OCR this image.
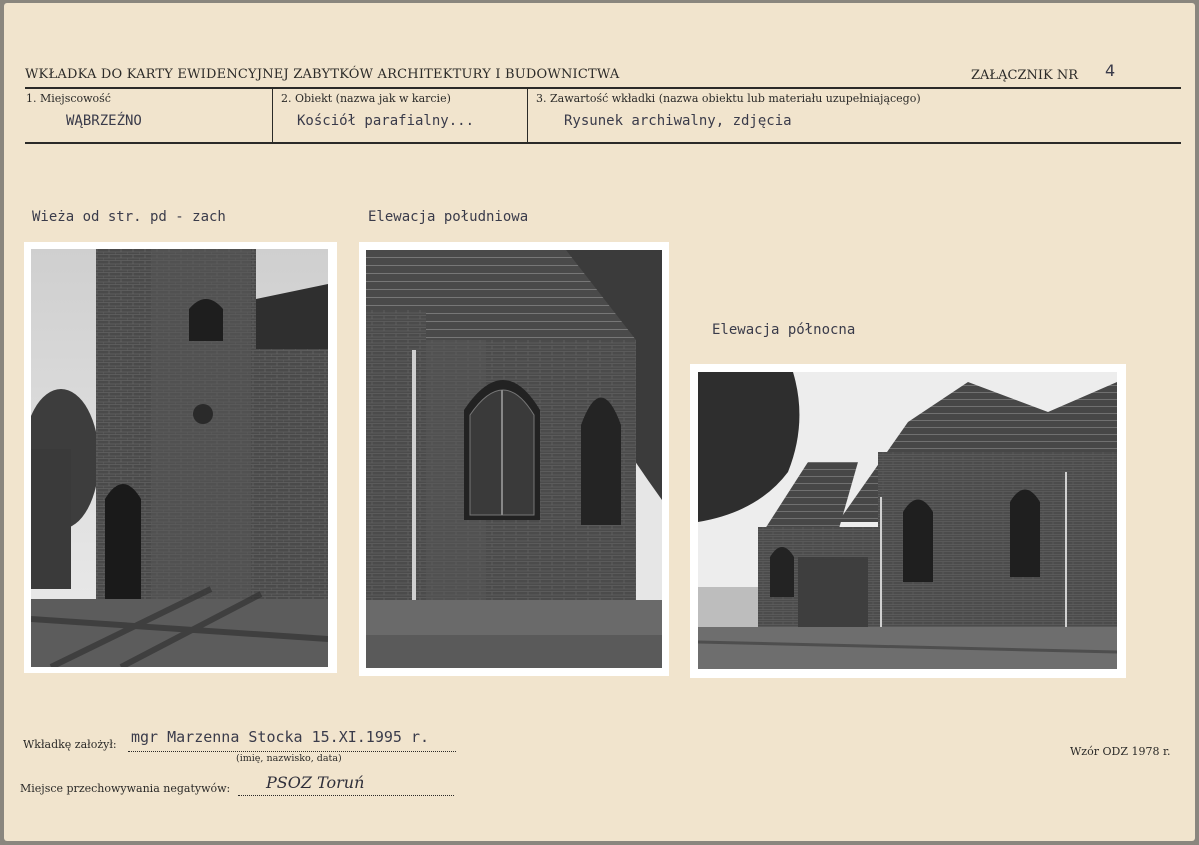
WKŁADKA DO KARTY EWIDENCYJNEJ ZABYTKÓW ARCHITEKTURY I BUDOWNICTWA	ZAŁĄCZNIK NR 4
1. Miejscowość
WĄBRZEŹNO
2. Obiekt (nazwa jak w karcie)
Kościół parafialny...
3. Zawartość wkładki (nazwa obiektu lub materiału uzupełniającego)
Rysunek archiwalny, zdjęcia
Wieża od str. pd - zach	Elewacja południowa
Elewacja północna
Wkładkę założył: mgr Marzenna Stocka 15.XI.1995 r.
(imię, nazwisko, data)
Miejsce przechowywania negatywów: PSOZ Toruń
Wzór ODZ 1978 r.
